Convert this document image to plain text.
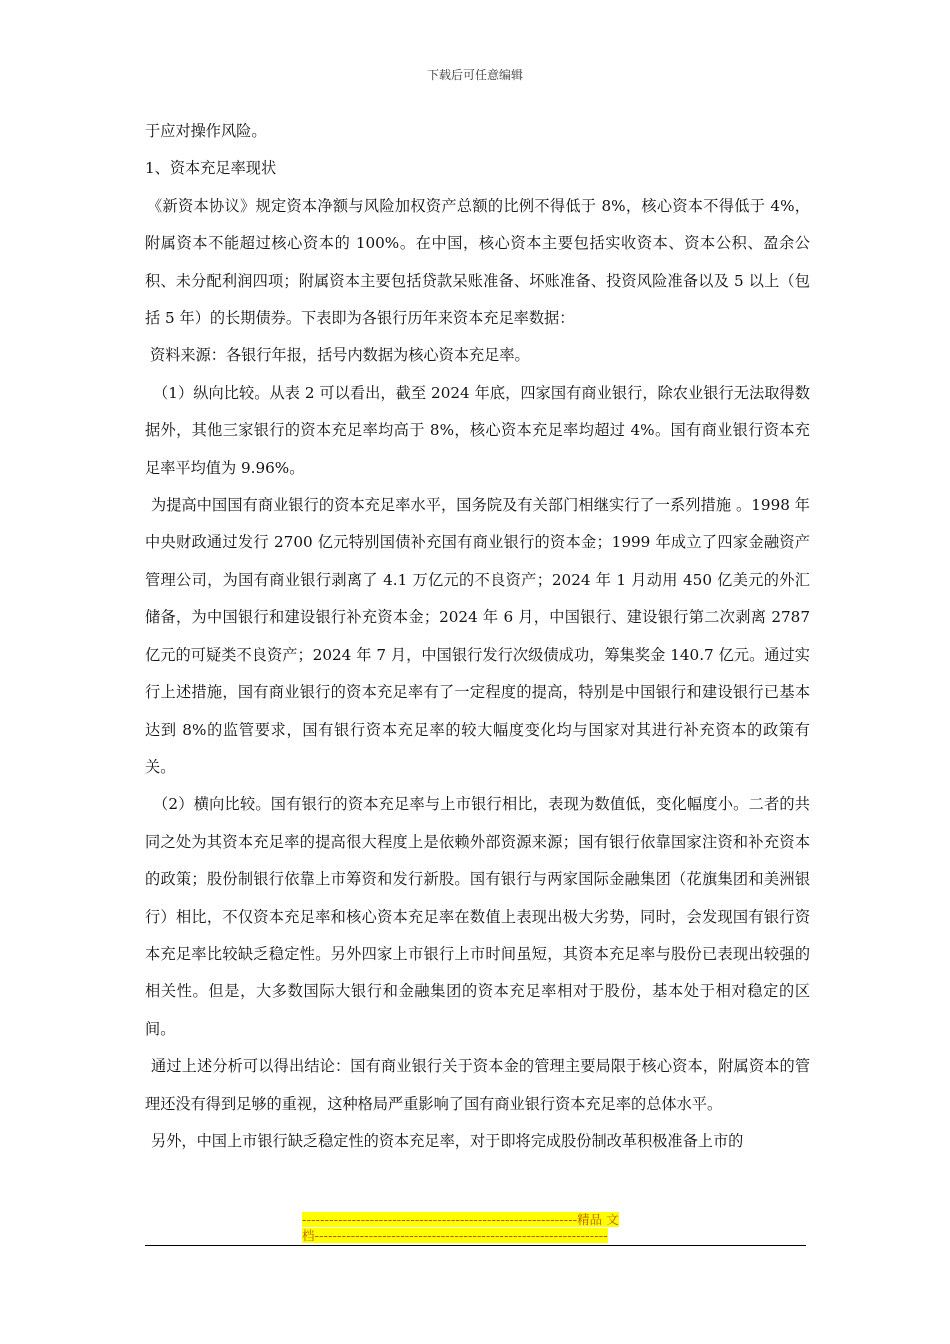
下载后可任意编辑

于应对操作风险。

1、资本充足率现状

《新资本协议》规定资本净额与风险加权资产总额的比例不得低于 8%，核心资本不得低于 4%，附属资本不能超过核心资本的 100%。在中国，核心资本主要包括实收资本、资本公积、盈余公积、未分配利润四项；附属资本主要包括贷款呆账准备、坏账准备、投资风险准备以及 5 以上（包括 5 年）的长期债券。下表即为各银行历年来资本充足率数据：

资料来源：各银行年报，括号内数据为核心资本充足率。

（1）纵向比较。从表 2 可以看出，截至 2024 年底，四家国有商业银行，除农业银行无法取得数据外，其他三家银行的资本充足率均高于 8%，核心资本充足率均超过 4%。国有商业银行资本充足率平均值为 9.96%。

为提高中国国有商业银行的资本充足率水平，国务院及有关部门相继实行了一系列措施 。1998 年中央财政通过发行 2700 亿元特别国债补充国有商业银行的资本金；1999 年成立了四家金融资产管理公司，为国有商业银行剥离了 4.1 万亿元的不良资产；2024 年 1 月动用 450 亿美元的外汇储备，为中国银行和建设银行补充资本金；2024 年 6 月，中国银行、建设银行第二次剥离 2787 亿元的可疑类不良资产；2024 年 7 月，中国银行发行次级债成功，筹集奖金 140.7 亿元。通过实行上述措施，国有商业银行的资本充足率有了一定程度的提高，特别是中国银行和建设银行已基本达到 8%的监管要求，国有银行资本充足率的较大幅度变化均与国家对其进行补充资本的政策有关。

（2）横向比较。国有银行的资本充足率与上市银行相比，表现为数值低，变化幅度小。二者的共同之处为其资本充足率的提高很大程度上是依赖外部资源来源；国有银行依靠国家注资和补充资本的政策；股份制银行依靠上市筹资和发行新股。国有银行与两家国际金融集团（花旗集团和美洲银行）相比，不仅资本充足率和核心资本充足率在数值上表现出极大劣势，同时，会发现国有银行资本充足率比较缺乏稳定性。另外四家上市银行上市时间虽短，其资本充足率与股份已表现出较强的相关性。但是，大多数国际大银行和金融集团的资本充足率相对于股份，基本处于相对稳定的区间。

通过上述分析可以得出结论：国有商业银行关于资本金的管理主要局限于核心资本，附属资本的管理还没有得到足够的重视，这种格局严重影响了国有商业银行资本充足率的总体水平。

另外，中国上市银行缺乏稳定性的资本充足率，对于即将完成股份制改革积极准备上市的

-------------------------------------------------------------精品 文
档-----------------------------------------------------------------
